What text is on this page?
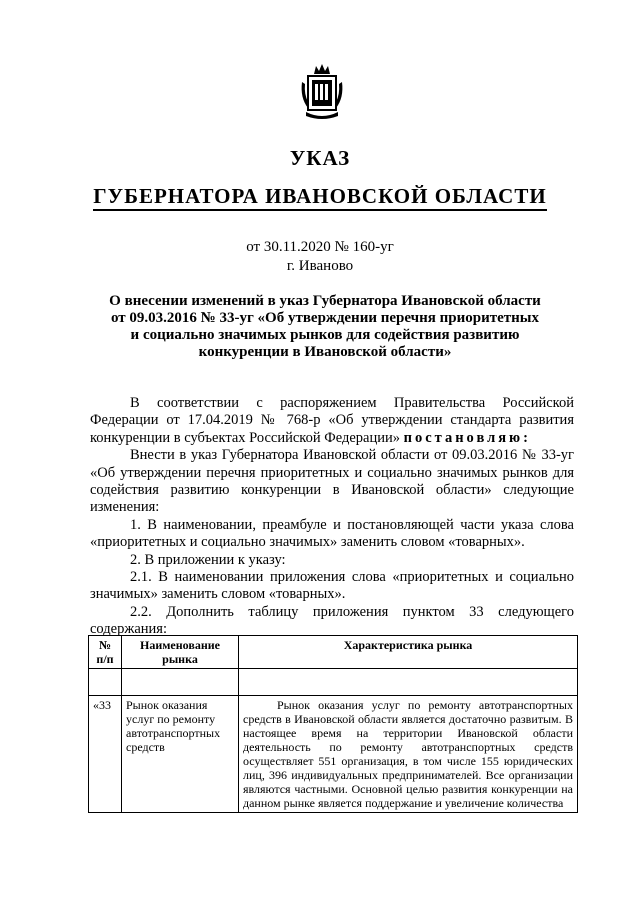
УКАЗ
ГУБЕРНАТОРА ИВАНОВСКОЙ ОБЛАСТИ
от 30.11.2020 № 160-уг
г. Иваново
О внесении изменений в указ Губернатора Ивановской области
от 09.03.2016 № 33-уг «Об утверждении перечня приоритетных
и социально значимых рынков для содействия развитию
конкуренции в Ивановской области»

В соответствии с распоряжением Правительства Российской Федерации от 17.04.2019 № 768-р «Об утверждении стандарта развития конкуренции в субъектах Российской Федерации» постановляю:

Внести в указ Губернатора Ивановской области от 09.03.2016 № 33-уг «Об утверждении перечня приоритетных и социально значимых рынков для содействия развитию конкуренции в Ивановской области» следующие изменения:

1. В наименовании, преамбуле и постановляющей части указа слова «приоритетных и социально значимых» заменить словом «товарных».

2. В приложении к указу:

2.1. В наименовании приложения слова «приоритетных и социально значимых» заменить словом «товарных».

2.2. Дополнить таблицу приложения пунктом 33 следующего содержания:

№ п/п	Наименование рынка	Характеристика рынка

«33	Рынок оказания услуг по ремонту автотранспортных средств	Рынок оказания услуг по ремонту автотранспортных средств в Ивановской области является достаточно развитым. В настоящее время на территории Ивановской области деятельность по ремонту автотранспортных средств осуществляет 551 организация, в том числе 155 юридических лиц, 396 индивидуальных предпринимателей. Все организации являются частными. Основной целью развития конкуренции на данном рынке является поддержание и увеличение количества
